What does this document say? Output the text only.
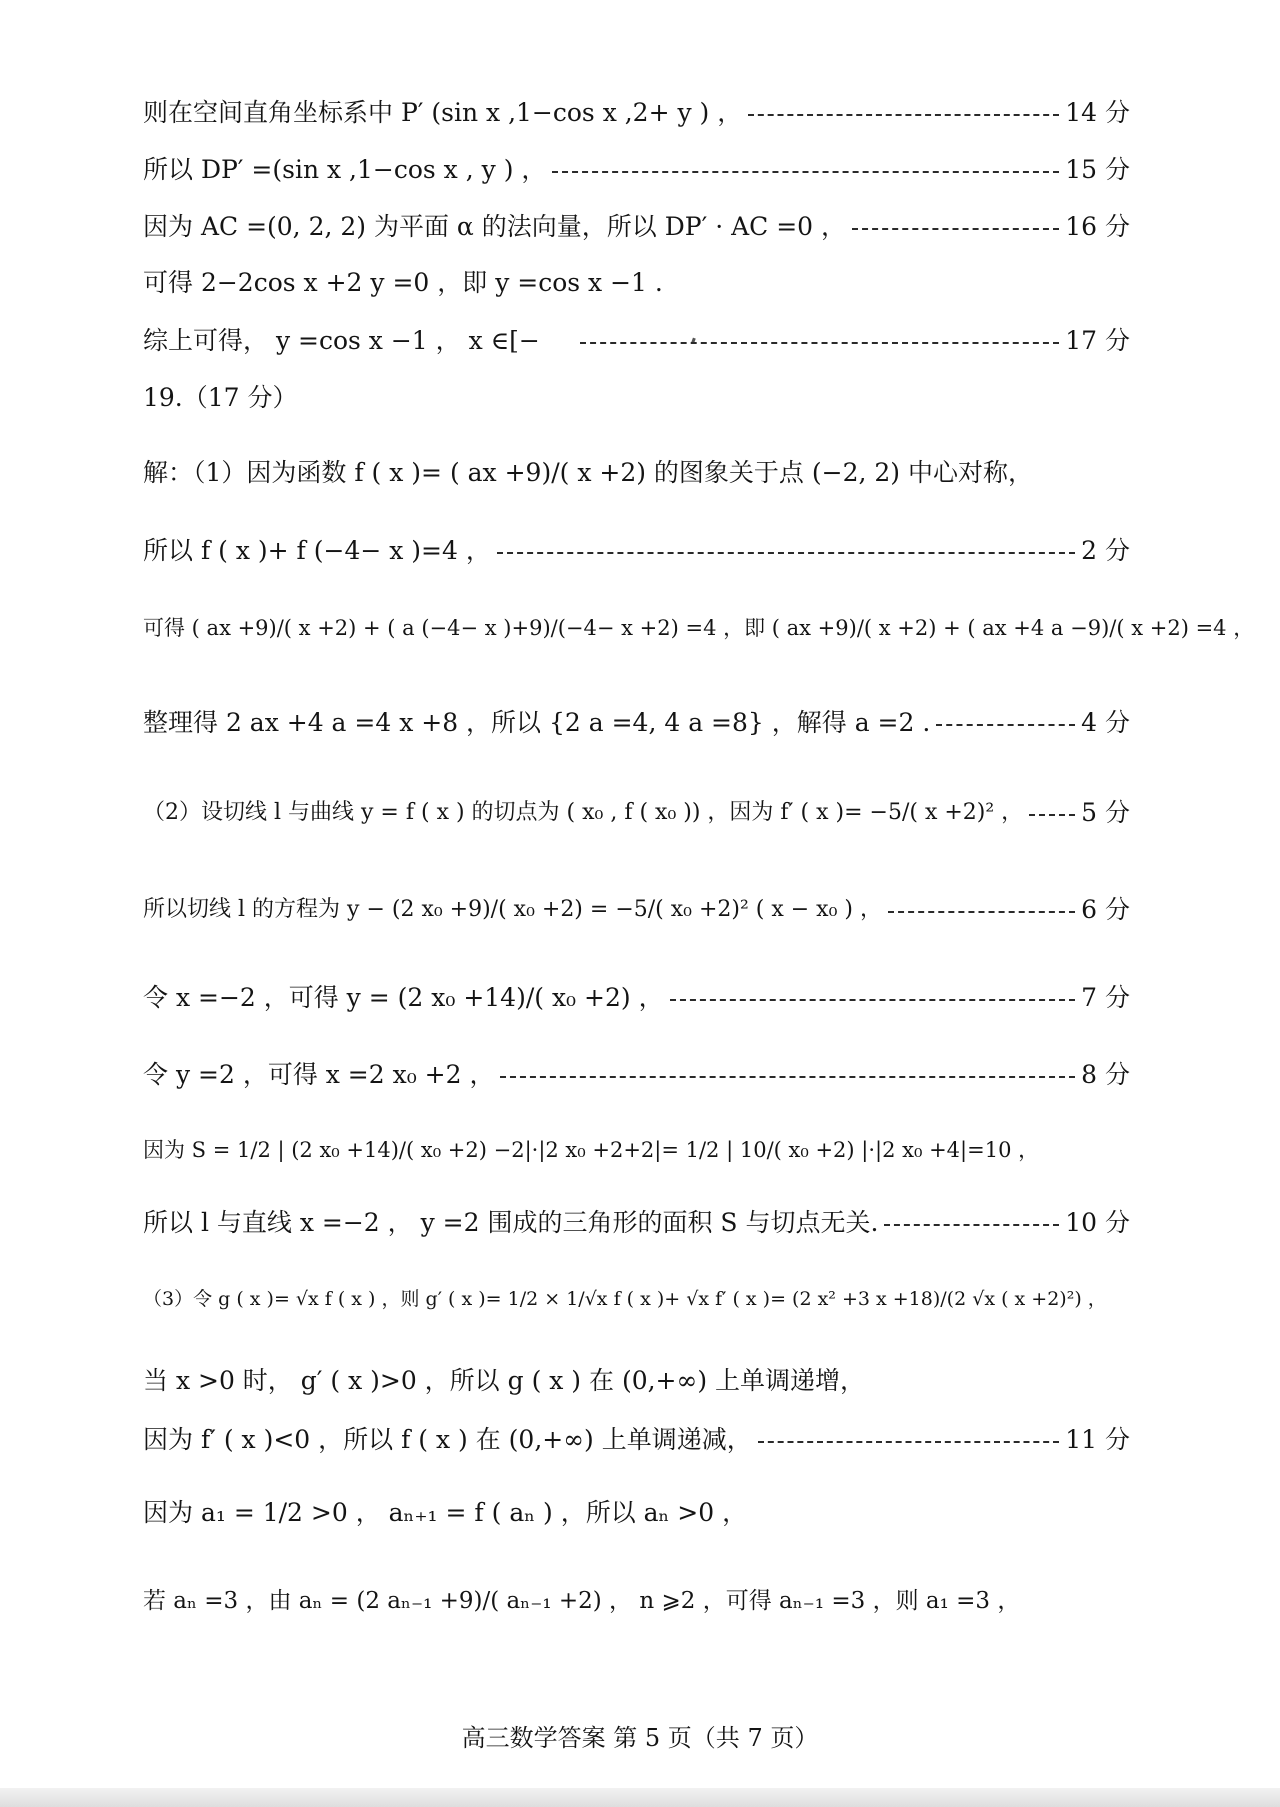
则在空间直角坐标系中 P′ (sin x ,1−cos x ,2+ y ) ，	14 分
所以 DP′ =(sin x ,1−cos x , y ) ，	15 分
因为 AC =(0, 2, 2) 为平面 α 的法向量，所以 DP′ · AC =0 ，	16 分
可得 2−2cos x +2 y =0 ，即 y =cos x −1 .
综上可得， y =cos x −1 ， x ∈[−	17 分
19.（17 分）
解：（1）因为函数 f ( x )= ( ax +9)/( x +2) 的图象关于点 (−2, 2) 中心对称，
所以 f ( x )+ f (−4− x )=4 ，	2 分
可得 ( ax +9)/( x +2) + ( a (−4− x )+9)/(−4− x +2) =4 ，即 ( ax +9)/( x +2) + ( ax +4 a −9)/( x +2) =4 ，
整理得 2 ax +4 a =4 x +8 ，所以 {2 a =4, 4 a =8} ，解得 a =2 .	4 分
（2）设切线 l 与曲线 y = f ( x ) 的切点为 ( x₀ , f ( x₀ )) ，因为 f′ ( x )= −5/( x +2)² ， 5 分
所以切线 l 的方程为 y − (2 x₀ +9)/( x₀ +2) = −5/( x₀ +2)² ( x − x₀ ) ，	6 分
令 x =−2 ，可得 y = (2 x₀ +14)/( x₀ +2) ，	7 分
令 y =2 ，可得 x =2 x₀ +2 ，	8 分
因为 S = 1/2 | (2 x₀ +14)/( x₀ +2) −2|·|2 x₀ +2+2|= 1/2 | 10/( x₀ +2) |·|2 x₀ +4|=10 ，
所以 l 与直线 x =−2 ， y =2 围成的三角形的面积 S 与切点无关.	10 分
（3）令 g ( x )= √x f ( x ) ，则 g′ ( x )= 1/2 × 1/√x f ( x )+ √x f′ ( x )= (2 x² +3 x +18)/(2 √x ( x +2)²) ，
当 x >0 时， g′ ( x )>0 ，所以 g ( x ) 在 (0,+∞) 上单调递增，
因为 f′ ( x )<0 ，所以 f ( x ) 在 (0,+∞) 上单调递减，	11 分
因为 a₁ = 1/2 >0 ， aₙ₊₁ = f ( aₙ ) ，所以 aₙ >0 ，
若 aₙ =3 ，由 aₙ = (2 aₙ₋₁ +9)/( aₙ₋₁ +2) ， n ⩾2 ，可得 aₙ₋₁ =3 ，则 a₁ =3 ，
高三数学答案 第 5 页（共 7 页）
